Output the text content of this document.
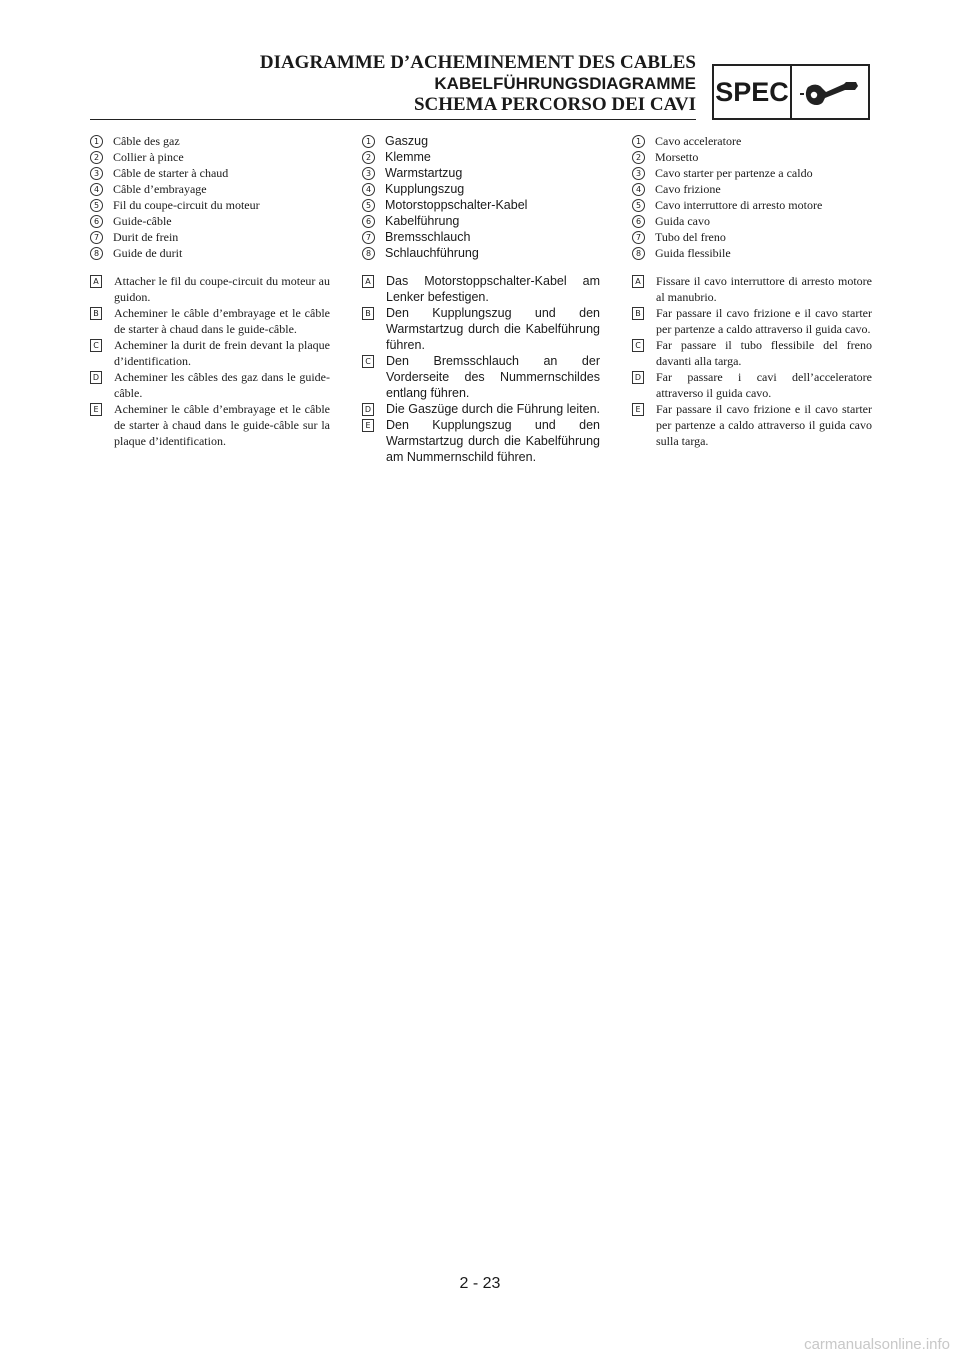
DIAGRAMME D’ACHEMINEMENT DES CABLES
KABELFÜHRUNGSDIAGRAMME
SCHEMA PERCORSO DEI CAVI SPEC
1	Câble des gaz
2	Collier à pince
3	Câble de starter à chaud
4	Câble d’embrayage
5	Fil du coupe-circuit du moteur
6	Guide-câble
7	Durit de frein
8	Guide de durit
A Attacher le fil du coupe-circuit du moteur au guidon.
B Acheminer le câble d’embrayage et le câble de starter à chaud dans le guide-câble.
C Acheminer la durit de frein devant la plaque d’identification.
D Acheminer les câbles des gaz dans le guide-câble.
E Acheminer le câble d’embrayage et le câble de starter à chaud dans le guide-câble sur la plaque d’identification.
1	Gaszug
2	Klemme
3	Warmstartzug
4	Kupplungszug
5	Motorstoppschalter-Kabel
6	Kabelführung
7	Bremsschlauch
8	Schlauchführung
A Das Motorstoppschalter-Kabel am Lenker befestigen.
B Den Kupplungszug und den Warmstartzug durch die Kabelführung führen.
C Den Bremsschlauch an der Vorderseite des Nummernschildes entlang führen.
D Die Gaszüge durch die Führung leiten.
E Den Kupplungszug und den Warmstartzug durch die Kabelführung am Nummernschild führen.
1	Cavo acceleratore
2	Morsetto
3	Cavo starter per partenze a caldo
4	Cavo frizione
5	Cavo interruttore di arresto motore
6	Guida cavo
7	Tubo del freno
8	Guida flessibile
A Fissare il cavo interruttore di arresto motore al manubrio.
B Far passare il cavo frizione e il cavo starter per partenze a caldo attraverso il guida cavo.
C Far passare il tubo flessibile del freno davanti alla targa.
D Far passare i cavi dell’acceleratore attraverso il guida cavo.
E Far passare il cavo frizione e il cavo starter per partenze a caldo attraverso il guida cavo sulla targa.
2 - 23
carmanualsonline.info
